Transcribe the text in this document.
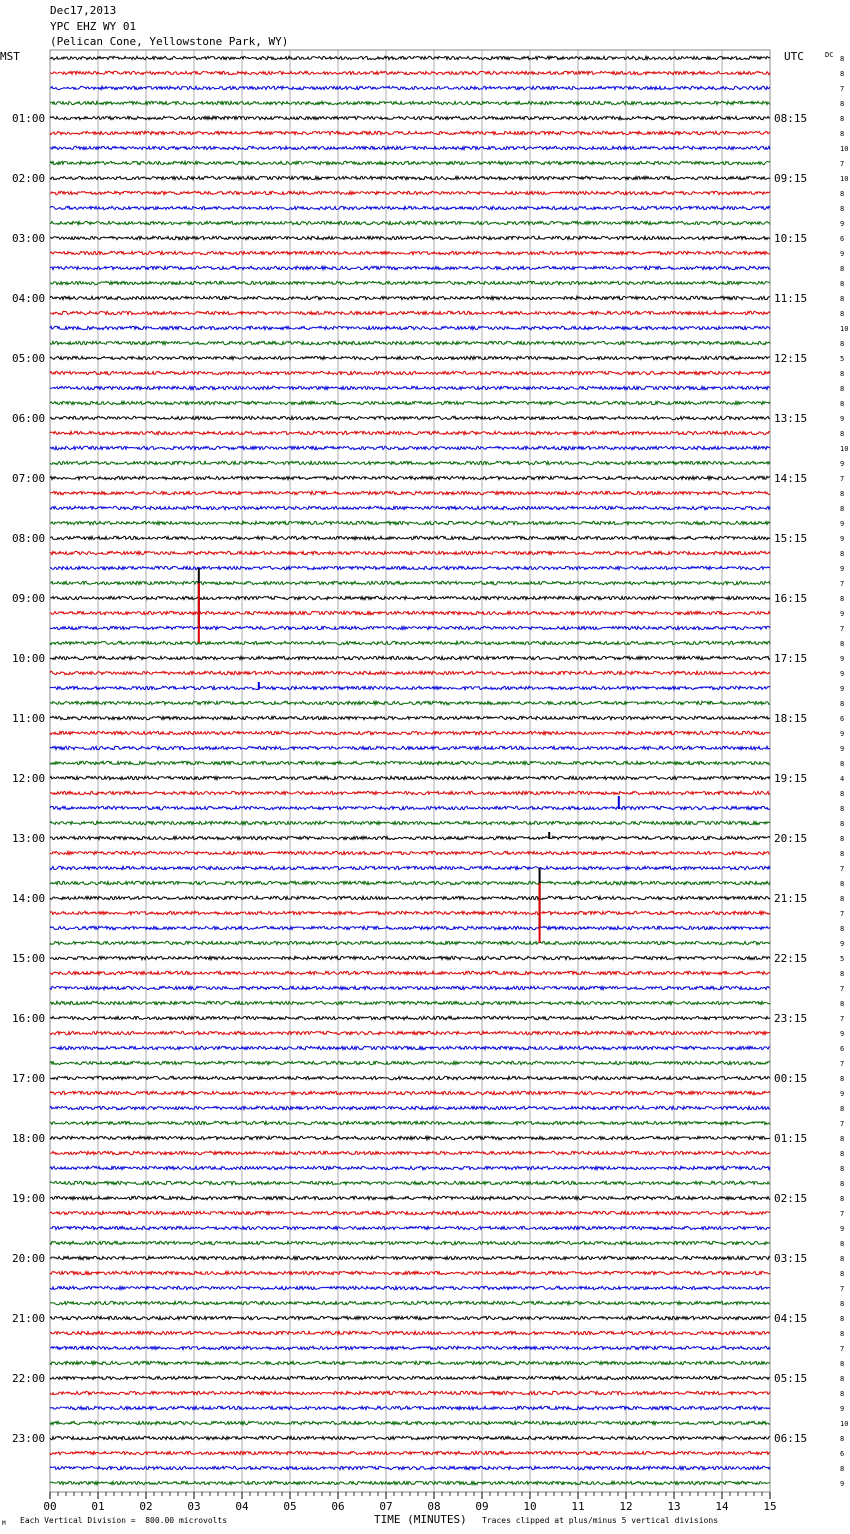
Dec17,2013
YPC EHZ WY 01
(Pelican Cone, Yellowstone Park, WY)
MST	UTC	DC
01:00
02:00
03:00
04:00
05:00
06:00
07:00
08:00
09:00
10:00
11:00
12:00
13:00
14:00
15:00
16:00
17:00
18:00
19:00
20:00
21:00
22:00
23:00
08:15
09:15
10:15
11:15
12:15
13:15
14:15
15:15
16:15
17:15
18:15
19:15
20:15
21:15
22:15
23:15
00:15
01:15
02:15
03:15
04:15
05:15
06:15
8
8
7
8
8
8
10
7
10
8
8
9
6
9
8
8
8
8
10
8
5
8
8
8
9
8
10
9
7
8
8
9
9
8
9
7
8
9
7
8
9
9
9
8
6
9
9
8
4
8
8
8
8
8
7
8
8
7
8
9
5
8
7
8
7
9
6
7
8
9
8
7
8
8
8
8
8
7
9
8
8
8
7
8
8
8
7
8
8
8
9
10
8
6
8
9
00	01	02	03	04	05	06	07	08	09	10	11	12	13	14	15
TIME (MINUTES)
Each Vertical Division =  800.00 microvolts	Traces clipped at plus/minus 5 vertical divisions
M
